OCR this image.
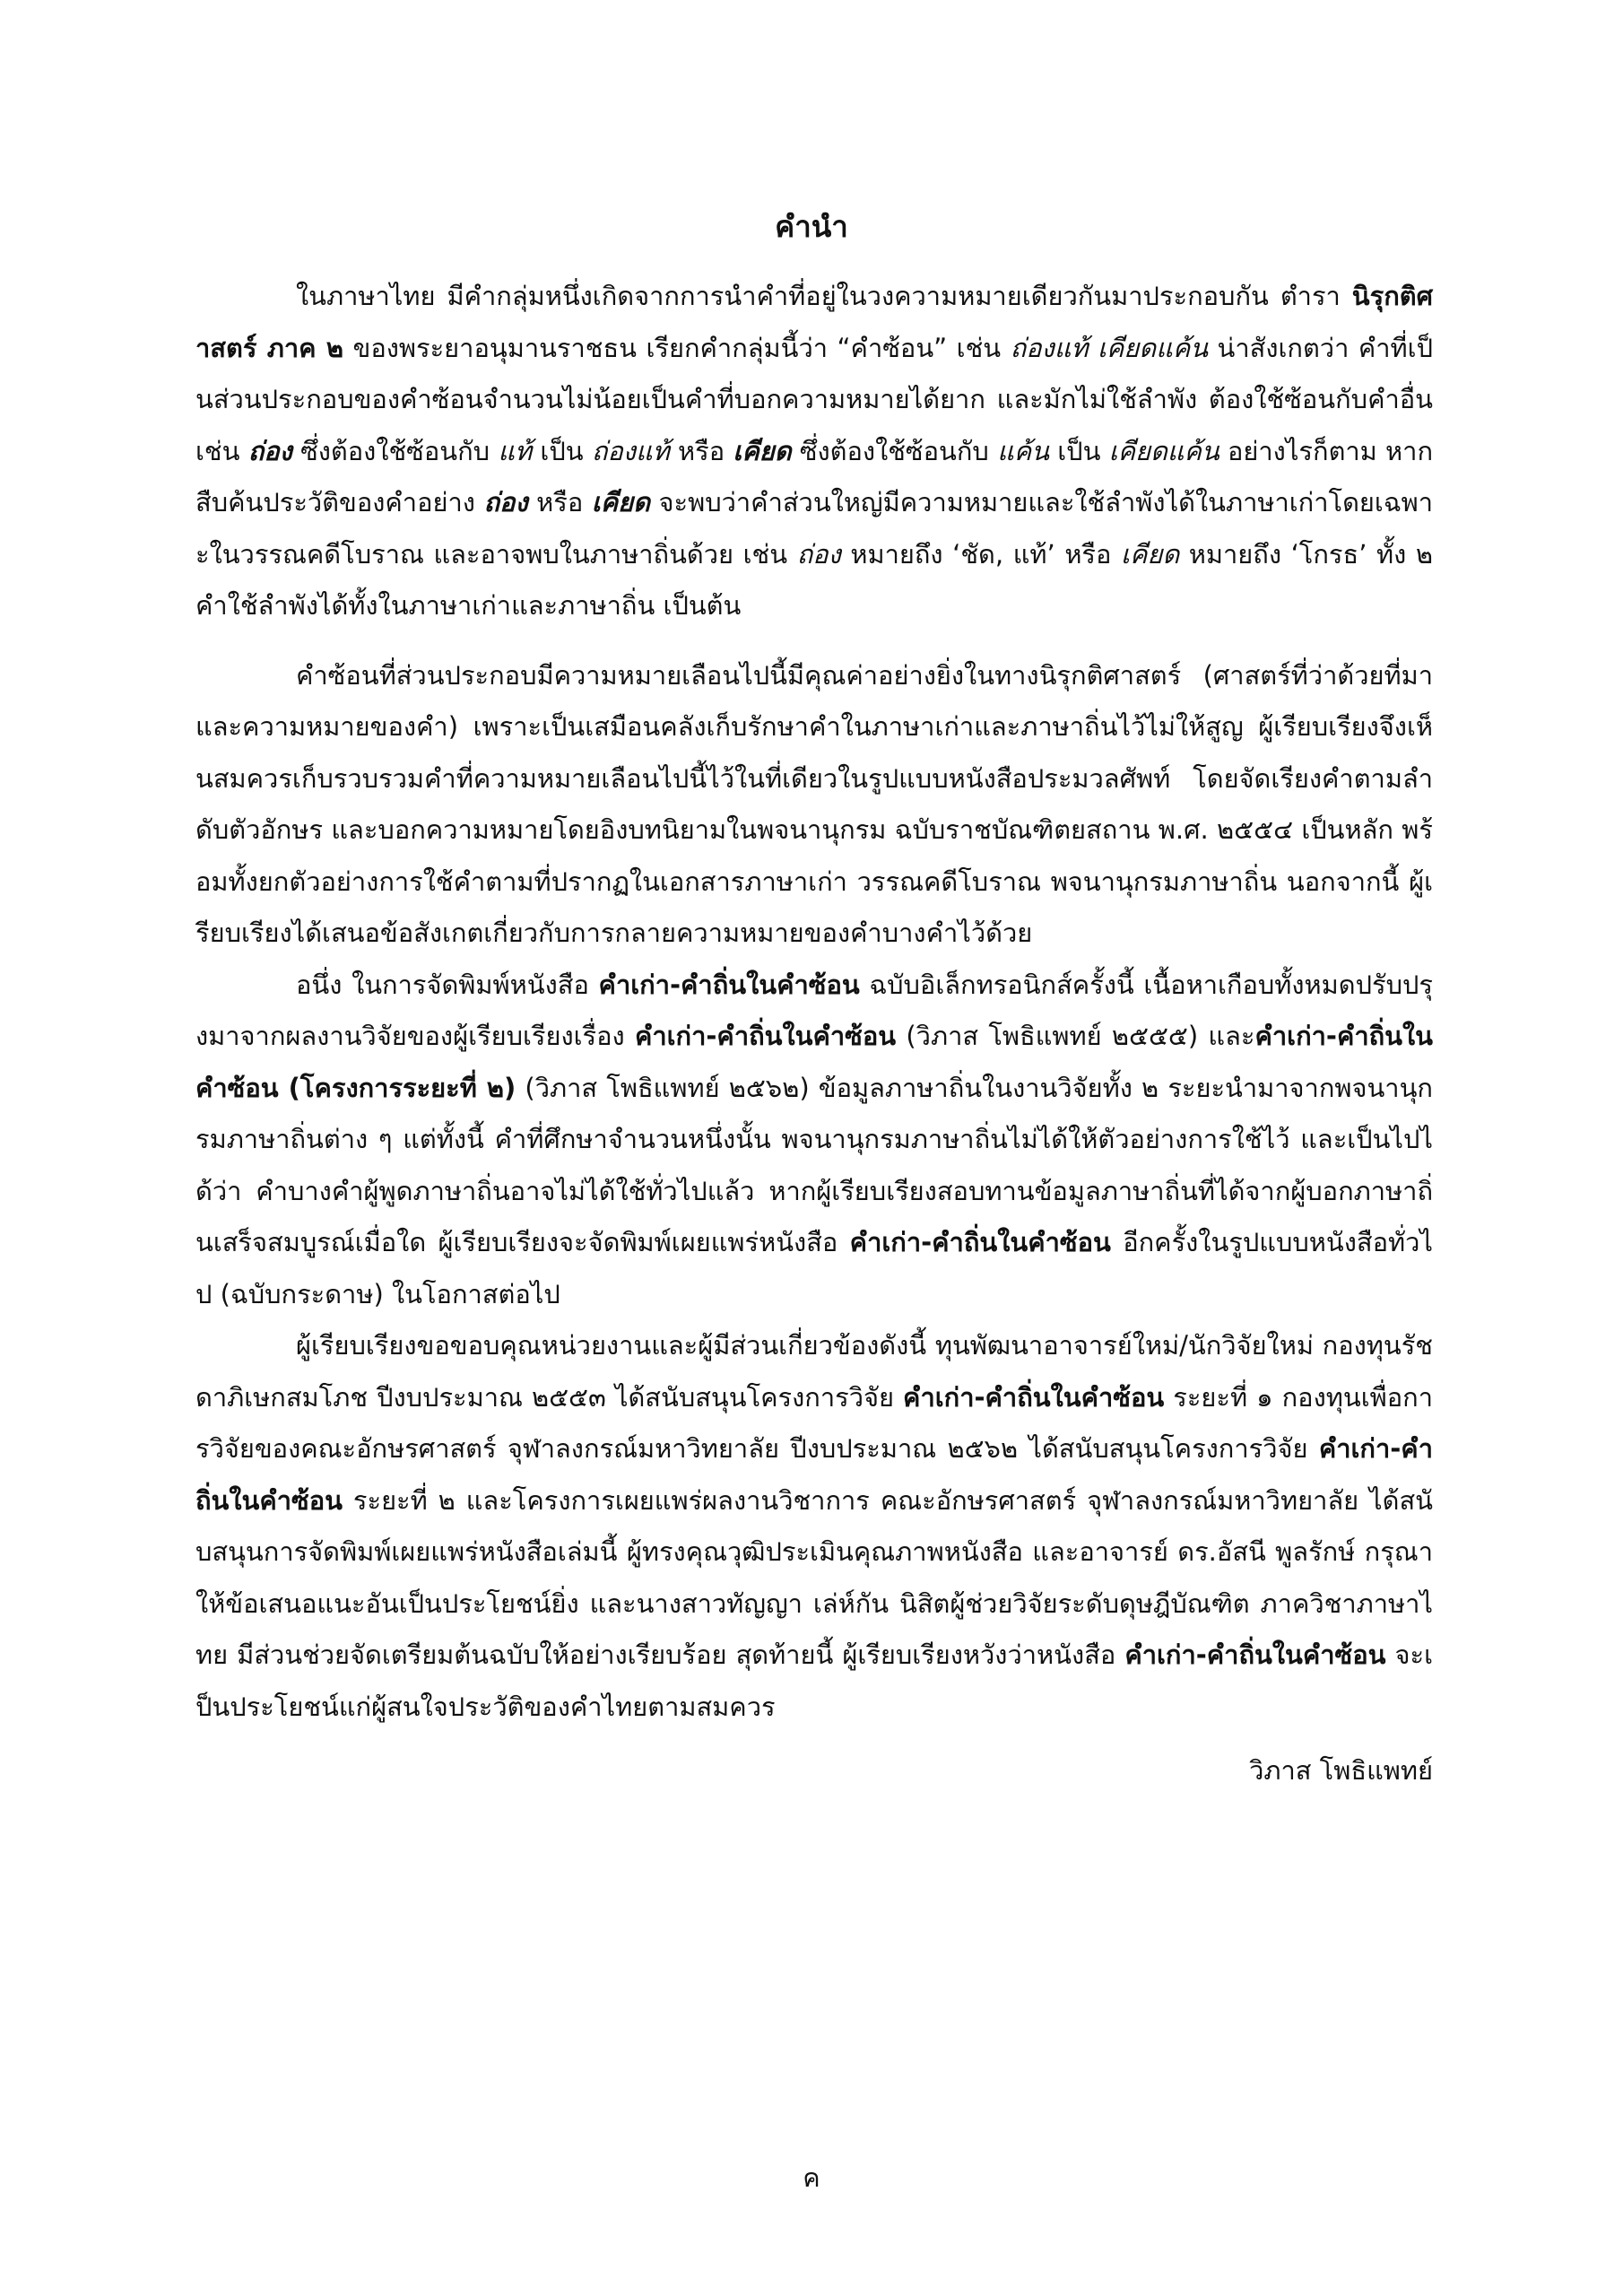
คำนำ

ในภาษาไทย มีคำกลุ่มหนึ่งเกิดจากการนำคำที่อยู่ในวงความหมายเดียวกันมาประกอบกัน ตำรา นิรุกติศาสตร์ ภาค ๒ ของพระยาอนุมานราชธน เรียกคำกลุ่มนี้ว่า “คำซ้อน” เช่น ถ่องแท้ เคียดแค้น น่าสังเกตว่า คำที่เป็นส่วนประกอบของคำซ้อนจำนวนไม่น้อยเป็นคำที่บอกความหมายได้ยาก และมักไม่ใช้ลำพัง ต้องใช้ซ้อนกับคำอื่น เช่น ถ่อง ซึ่งต้องใช้ซ้อนกับ แท้ เป็น ถ่องแท้ หรือ เคียด ซึ่งต้องใช้ซ้อนกับ แค้น เป็น เคียดแค้น อย่างไรก็ตาม หากสืบค้นประวัติของคำอย่าง ถ่อง หรือ เคียด จะพบว่าคำส่วนใหญ่มีความหมายและใช้ลำพังได้ในภาษาเก่าโดยเฉพาะในวรรณคดีโบราณ และอาจพบในภาษาถิ่นด้วย เช่น ถ่อง หมายถึง ‘ชัด, แท้’ หรือ เคียด หมายถึง ‘โกรธ’ ทั้ง ๒ คำใช้ลำพังได้ทั้งในภาษาเก่าและภาษาถิ่น เป็นต้น

คำซ้อนที่ส่วนประกอบมีความหมายเลือนไปนี้มีคุณค่าอย่างยิ่งในทางนิรุกติศาสตร์ (ศาสตร์ที่ว่าด้วยที่มาและความหมายของคำ) เพราะเป็นเสมือนคลังเก็บรักษาคำในภาษาเก่าและภาษาถิ่นไว้ไม่ให้สูญ ผู้เรียบเรียงจึงเห็นสมควรเก็บรวบรวมคำที่ความหมายเลือนไปนี้ไว้ในที่เดียวในรูปแบบหนังสือประมวลศัพท์ โดยจัดเรียงคำตามลำดับตัวอักษร และบอกความหมายโดยอิงบทนิยามในพจนานุกรม ฉบับราชบัณฑิตยสถาน พ.ศ. ๒๕๕๔ เป็นหลัก พร้อมทั้งยกตัวอย่างการใช้คำตามที่ปรากฏในเอกสารภาษาเก่า วรรณคดีโบราณ พจนานุกรมภาษาถิ่น นอกจากนี้ ผู้เรียบเรียงได้เสนอข้อสังเกตเกี่ยวกับการกลายความหมายของคำบางคำไว้ด้วย

อนึ่ง ในการจัดพิมพ์หนังสือ คำเก่า-คำถิ่นในคำซ้อน ฉบับอิเล็กทรอนิกส์ครั้งนี้ เนื้อหาเกือบทั้งหมดปรับปรุงมาจากผลงานวิจัยของผู้เรียบเรียงเรื่อง คำเก่า-คำถิ่นในคำซ้อน (วิภาส โพธิแพทย์ ๒๕๕๕) และคำเก่า-คำถิ่นในคำซ้อน (โครงการระยะที่ ๒) (วิภาส โพธิแพทย์ ๒๕๖๒) ข้อมูลภาษาถิ่นในงานวิจัยทั้ง ๒ ระยะนำมาจากพจนานุกรมภาษาถิ่นต่าง ๆ แต่ทั้งนี้ คำที่ศึกษาจำนวนหนึ่งนั้น พจนานุกรมภาษาถิ่นไม่ได้ให้ตัวอย่างการใช้ไว้ และเป็นไปได้ว่า คำบางคำผู้พูดภาษาถิ่นอาจไม่ได้ใช้ทั่วไปแล้ว หากผู้เรียบเรียงสอบทานข้อมูลภาษาถิ่นที่ได้จากผู้บอกภาษาถิ่นเสร็จสมบูรณ์เมื่อใด ผู้เรียบเรียงจะจัดพิมพ์เผยแพร่หนังสือ คำเก่า-คำถิ่นในคำซ้อน อีกครั้งในรูปแบบหนังสือทั่วไป (ฉบับกระดาษ) ในโอกาสต่อไป

ผู้เรียบเรียงขอขอบคุณหน่วยงานและผู้มีส่วนเกี่ยวข้องดังนี้ ทุนพัฒนาอาจารย์ใหม่/นักวิจัยใหม่ กองทุนรัชดาภิเษกสมโภช ปีงบประมาณ ๒๕๕๓ ได้สนับสนุนโครงการวิจัย คำเก่า-คำถิ่นในคำซ้อน ระยะที่ ๑ กองทุนเพื่อการวิจัยของคณะอักษรศาสตร์ จุฬาลงกรณ์มหาวิทยาลัย ปีงบประมาณ ๒๕๖๒ ได้สนับสนุนโครงการวิจัย คำเก่า-คำถิ่นในคำซ้อน ระยะที่ ๒ และโครงการเผยแพร่ผลงานวิชาการ คณะอักษรศาสตร์ จุฬาลงกรณ์มหาวิทยาลัย ได้สนับสนุนการจัดพิมพ์เผยแพร่หนังสือเล่มนี้ ผู้ทรงคุณวุฒิประเมินคุณภาพหนังสือ และอาจารย์ ดร.อัสนี พูลรักษ์ กรุณาให้ข้อเสนอแนะอันเป็นประโยชน์ยิ่ง และนางสาวทัญญา เล่ห์กัน นิสิตผู้ช่วยวิจัยระดับดุษฎีบัณฑิต ภาควิชาภาษาไทย มีส่วนช่วยจัดเตรียมต้นฉบับให้อย่างเรียบร้อย สุดท้ายนี้ ผู้เรียบเรียงหวังว่าหนังสือ คำเก่า-คำถิ่นในคำซ้อน จะเป็นประโยชน์แก่ผู้สนใจประวัติของคำไทยตามสมควร

วิภาส โพธิแพทย์

ค
